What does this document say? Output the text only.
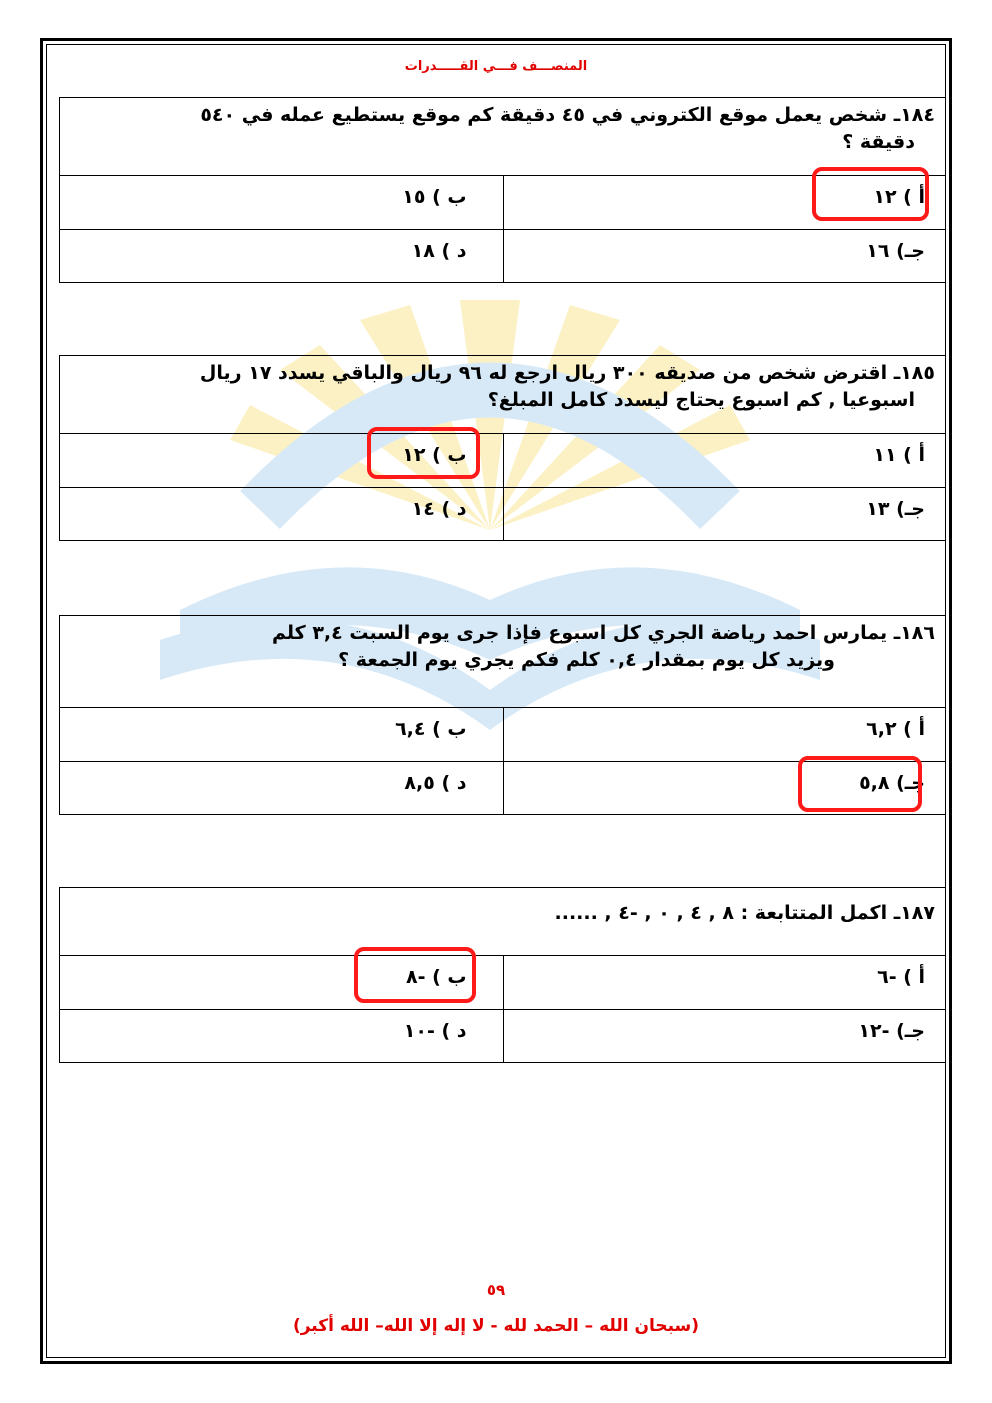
المنصـــف فـــي القـــــدرات
١٨٤ـ شخص يعمل موقع الكتروني في ٤٥ دقيقة كم موقع يستطيع عمله في ٥٤٠
دقيقة ؟
أ ) ١٢
ب ) ١٥
جـ) ١٦
د ) ١٨
١٨٥ـ اقترض شخص من صديقه ٣٠٠ ريال ارجع له ٩٦ ريال والباقي يسدد ١٧ ريال
اسبوعيا , كم اسبوع يحتاج ليسدد كامل المبلغ؟
أ ) ١١
ب ) ١٢
جـ) ١٣
د ) ١٤
١٨٦ـ يمارس احمد رياضة الجري كل اسبوع فإذا جرى يوم السبت ٣,٤ كلم
ويزيد كل يوم بمقدار ٠,٤ كلم فكم يجري يوم الجمعة ؟
أ ) ٦,٢
ب ) ٦,٤
جـ) ٥,٨
د ) ٨,٥
١٨٧ـ اكمل المتتابعة : ٨ , ٤ , ٠ , -٤ , ......
أ ) -٦
ب ) -٨
جـ) -١٢
د ) -١٠
٥٩
(سبحان الله – الحمد لله - لا إله إلا الله– الله أكبر)
